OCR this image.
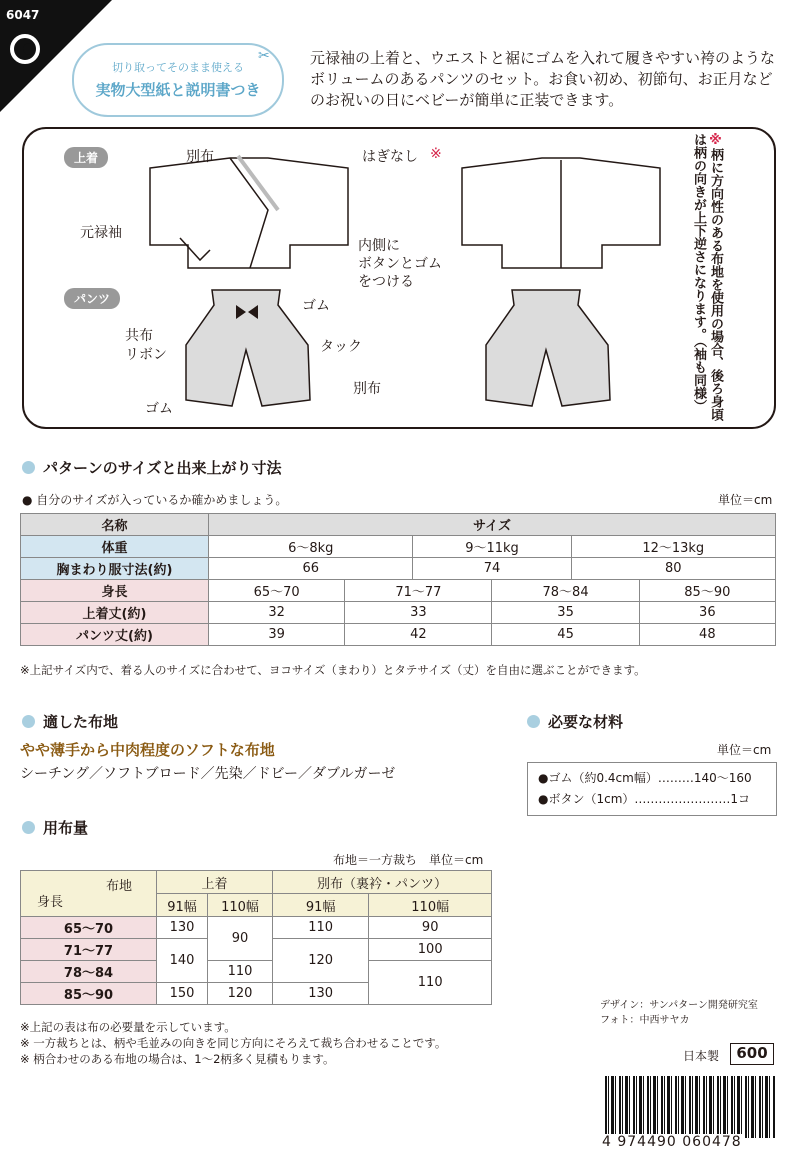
6047
切り取ってそのまま使える
実物大型紙と説明書つき
✂	元禄袖の上着と、ウエストと裾にゴムを入れて履きやすい袴のようなボリュームのあるパンツのセット。お食い初め、初節句、お正月などのお祝いの日にベビーが簡単に正装できます。
上着
パンツ
別布	はぎなし ※
元禄袖
内側に
ボタンとゴム
をつける
ゴム
共布
リボン	タック
別布
ゴム
※柄に方向性のある布地を使用の場合、後ろ身頃は柄の向きが上下逆さになります。（袖も同様）
パターンのサイズと出来上がり寸法
● 自分のサイズが入っているか確かめましょう。	単位＝cm
名称	サイズ					
体重	6〜8kg		9〜11kg		12〜13kg	
胸まわり服寸法(約)	66		74		80	
身長	65〜70	71〜77		78〜84		85〜90
上着丈(約)	32	33		35		36
パンツ丈(約)	39	42		45		48
※上記サイズ内で、着る人のサイズに合わせて、ヨコサイズ（まわり）とタテサイズ（丈）を自由に選ぶことができます。
適した布地
やや薄手から中肉程度のソフトな布地
シーチング／ソフトブロード／先染／ドビー／ダブルガーゼ
必要な材料
単位＝cm
●ゴム（約0.4cm幅）………140〜160
●ボタン（1cm）……………………1コ
用布量
布地＝一方裁ち　単位＝cm
布地
身長	上着		別布（裏衿・パンツ）	
	91幅	110幅	91幅	110幅
65〜70	130	90	110	90
71〜77	140		120	100
78〜84		110		110
85〜90	150	120	130	
※上記の表は布の必要量を示しています。
※ 一方裁ちとは、柄や毛並みの向きを同じ方向にそろえて裁ち合わせることです。
※ 柄合わせのある布地の場合は、1〜2柄多く見積もります。
デザイン：サンパターン開発研究室
フォト：中西サヤカ
日本製	600
4 974490 060478
